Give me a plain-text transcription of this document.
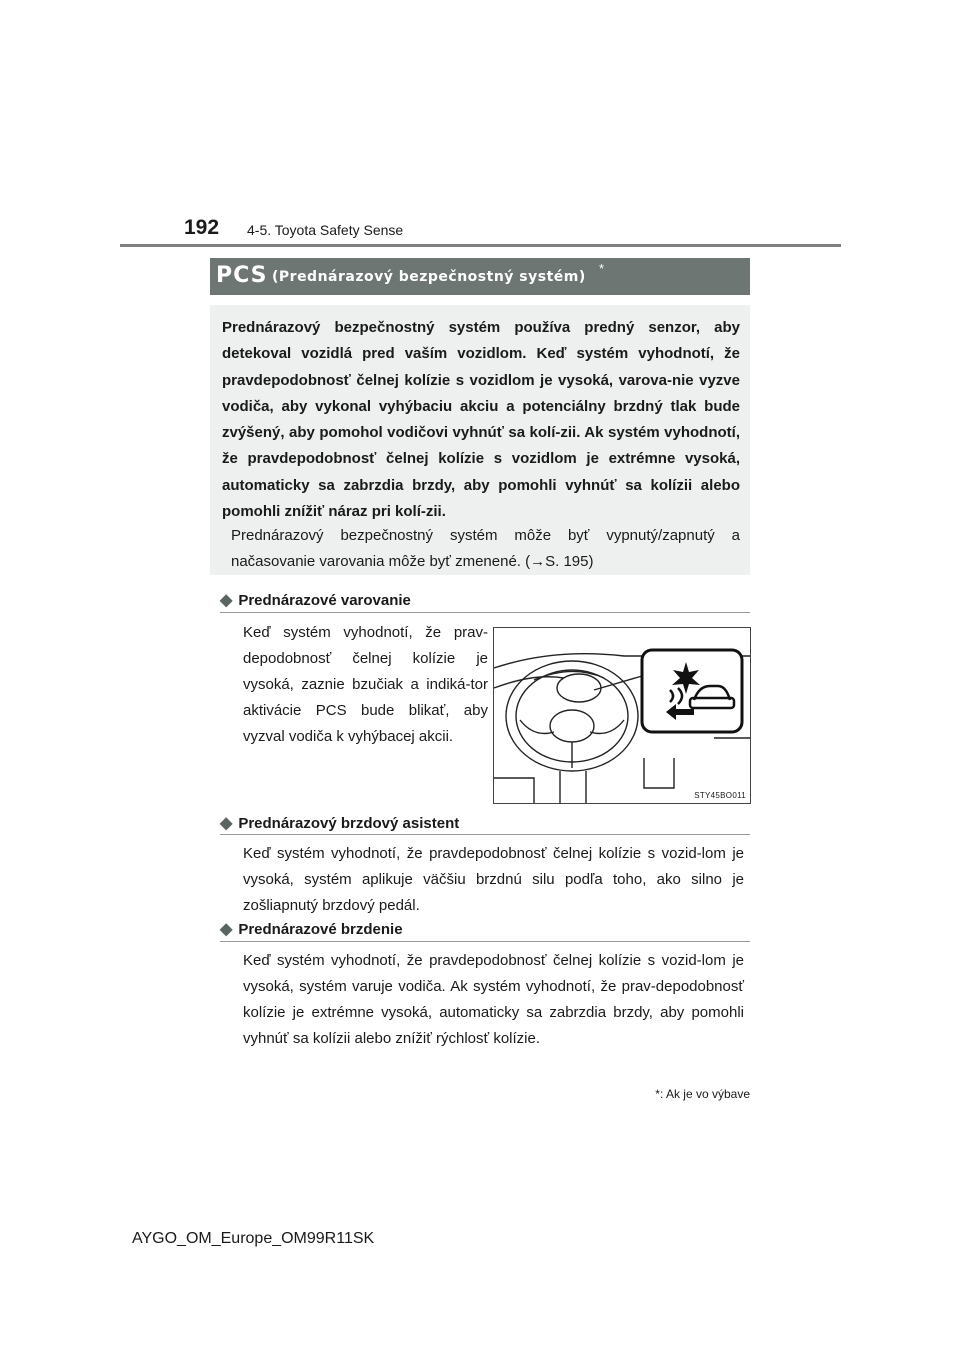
192 4-5. Toyota Safety Sense
PCS (Prednárazový bezpečnostný systém)
*
Prednárazový bezpečnostný systém používa predný senzor, aby detekoval vozidlá pred vaším vozidlom. Keď systém vyhodnotí, že pravdepodobnosť čelnej kolízie s vozidlom je vysoká, varova-nie vyzve vodiča, aby vykonal vyhýbaciu akciu a potenciálny brzdný tlak bude zvýšený, aby pomohol vodičovi vyhnúť sa kolí-zii. Ak systém vyhodnotí, že pravdepodobnosť čelnej kolízie s vozidlom je extrémne vysoká, automaticky sa zabrzdia brzdy, aby pomohli vyhnúť sa kolízii alebo pomohli znížiť náraz pri kolí-zii.
Prednárazový bezpečnostný systém môže byť vypnutý/zapnutý a načasovanie varovania môže byť zmenené. (→S. 195)
◆ Prednárazové varovanie
Keď systém vyhodnotí, že prav-depodobnosť čelnej kolízie je vysoká, zaznie bzučiak a indiká-tor aktivácie PCS bude blikať, aby vyzval vodiča k vyhýbacej akcii.
STY45BO011
◆ Prednárazový brzdový asistent
Keď systém vyhodnotí, že pravdepodobnosť čelnej kolízie s vozid-lom je vysoká, systém aplikuje väčšiu brzdnú silu podľa toho, ako silno je zošliapnutý brzdový pedál.
◆ Prednárazové brzdenie
Keď systém vyhodnotí, že pravdepodobnosť čelnej kolízie s vozid-lom je vysoká, systém varuje vodiča. Ak systém vyhodnotí, že prav-depodobnosť kolízie je extrémne vysoká, automaticky sa zabrzdia brzdy, aby pomohli vyhnúť sa kolízii alebo znížiť rýchlosť kolízie.
*: Ak je vo výbave
AYGO_OM_Europe_OM99R11SK
